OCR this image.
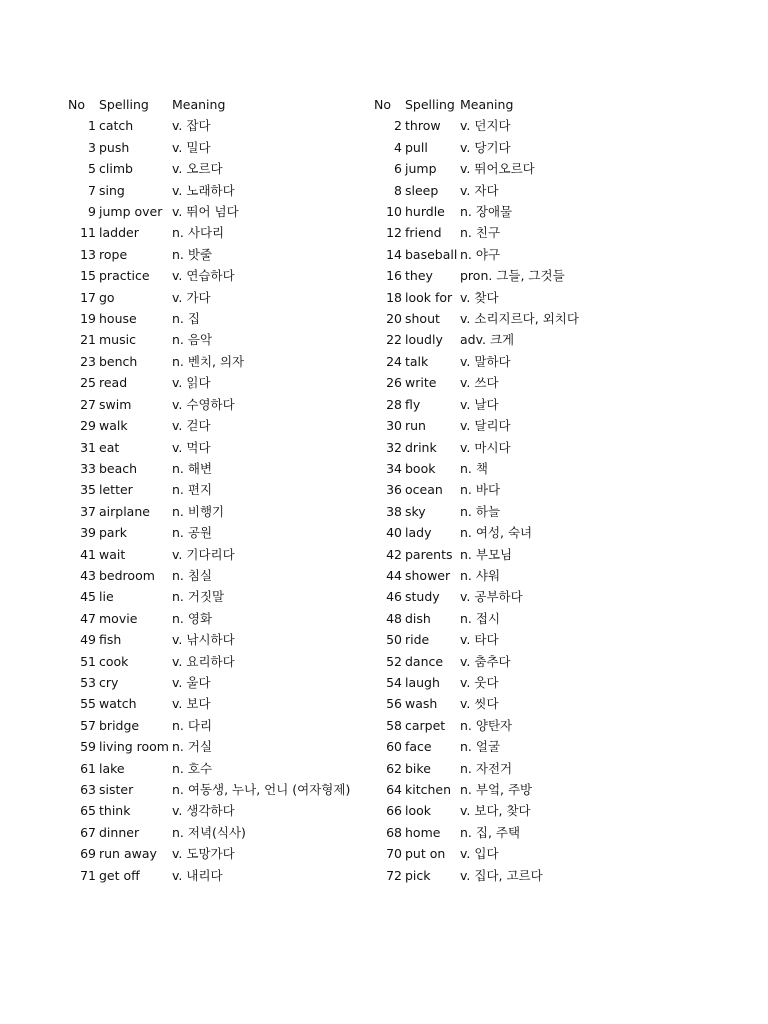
No	Spelling	Meaning
1	catch	v. 잡다
3	push	v. 밀다
5	climb	v. 오르다
7	sing	v. 노래하다
9	jump over	v. 뛰어 넘다
11	ladder	n. 사다리
13	rope	n. 밧줄
15	practice	v. 연습하다
17	go	v. 가다
19	house	n. 집
21	music	n. 음악
23	bench	n. 벤치, 의자
25	read	v. 읽다
27	swim	v. 수영하다
29	walk	v. 걷다
31	eat	v. 먹다
33	beach	n. 해변
35	letter	n. 편지
37	airplane	n. 비행기
39	park	n. 공원
41	wait	v. 기다리다
43	bedroom	n. 침실
45	lie	n. 거짓말
47	movie	n. 영화
49	fish	v. 낚시하다
51	cook	v. 요리하다
53	cry	v. 울다
55	watch	v. 보다
57	bridge	n. 다리
59	living room	n. 거실
61	lake	n. 호수
63	sister	n. 여동생, 누나, 언니 (여자형제)
65	think	v. 생각하다
67	dinner	n. 저녁(식사)
69	run away	v. 도망가다
71	get off	v. 내리다
No	Spelling	Meaning
2	throw	v. 던지다
4	pull	v. 당기다
6	jump	v. 뛰어오르다
8	sleep	v. 자다
10	hurdle	n. 장애물
12	friend	n. 친구
14	baseball	n. 야구
16	they	pron. 그들, 그것들
18	look for	v. 찾다
20	shout	v. 소리지르다, 외치다
22	loudly	adv. 크게
24	talk	v. 말하다
26	write	v. 쓰다
28	fly	v. 날다
30	run	v. 달리다
32	drink	v. 마시다
34	book	n. 책
36	ocean	n. 바다
38	sky	n. 하늘
40	lady	n. 여성, 숙녀
42	parents	n. 부모님
44	shower	n. 샤워
46	study	v. 공부하다
48	dish	n. 접시
50	ride	v. 타다
52	dance	v. 춤추다
54	laugh	v. 웃다
56	wash	v. 씻다
58	carpet	n. 양탄자
60	face	n. 얼굴
62	bike	n. 자전거
64	kitchen	n. 부엌, 주방
66	look	v. 보다, 찾다
68	home	n. 집, 주택
70	put on	v. 입다
72	pick	v. 집다, 고르다
